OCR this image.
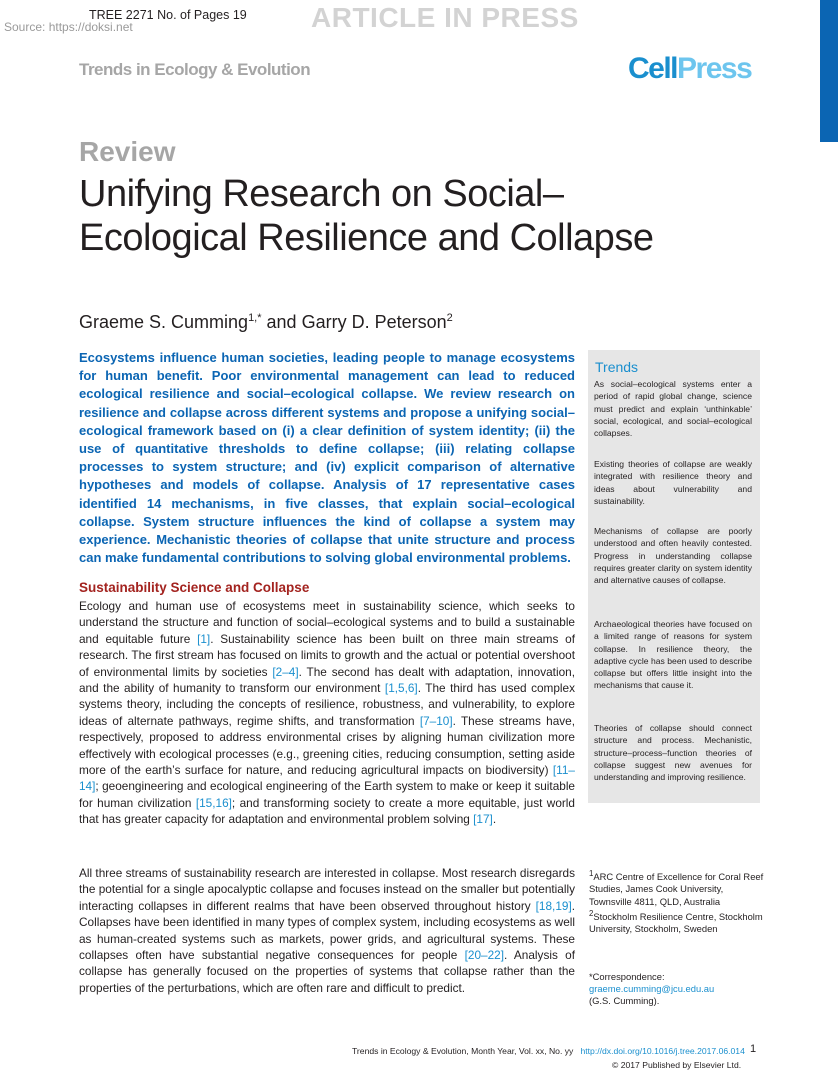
TREE 2271 No. of Pages 19
Source: https://doksi.net	ARTICLE IN PRESS
Trends in Ecology & Evolution	CellPress
Review
Unifying Research on Social–Ecological Resilience and Collapse
Graeme S. Cumming$^{1,*}$ and Garry D. Peterson$^2$

Ecosystems influence human societies, leading people to manage ecosystems for human benefit. Poor environmental management can lead to reduced ecological resilience and social–ecological collapse. We review research on resilience and collapse across different systems and propose a unifying social–ecological framework based on (i) a clear definition of system identity; (ii) the use of quantitative thresholds to define collapse; (iii) relating collapse processes to system structure; and (iv) explicit comparison of alternative hypotheses and models of collapse. Analysis of 17 representative cases identified 14 mechanisms, in five classes, that explain social–ecological collapse. System structure influences the kind of collapse a system may experience. Mechanistic theories of collapse that unite structure and process can make fundamental contributions to solving global environmental problems.

Sustainability Science and Collapse

Ecology and human use of ecosystems meet in sustainability science, which seeks to understand the structure and function of social–ecological systems and to build a sustainable and equitable future [1]. Sustainability science has been built on three main streams of research. The first stream has focused on limits to growth and the actual or potential overshoot of environmental limits by societies [2–4]. The second has dealt with adaptation, innovation, and the ability of humanity to transform our environment [1,5,6]. The third has used complex systems theory, including the concepts of resilience, robustness, and vulnerability, to explore ideas of alternate pathways, regime shifts, and transformation [7–10]. These streams have, respectively, proposed to address environmental crises by aligning human civilization more effectively with ecological processes (e.g., greening cities, reducing consumption, setting aside more of the earth’s surface for nature, and reducing agricultural impacts on biodiversity) [11–14]; geoengineering and ecological engineering of the Earth system to make or keep it suitable for human civilization [15,16]; and transforming society to create a more equitable, just world that has greater capacity for adaptation and environmental problem solving [17].

All three streams of sustainability research are interested in collapse. Most research disregards the potential for a single apocalyptic collapse and focuses instead on the smaller but potentially interacting collapses in different realms that have been observed throughout history [18,19]. Collapses have been identified in many types of complex system, including ecosystems as well as human-created systems such as markets, power grids, and agricultural systems. These collapses often have substantial negative consequences for people [20–22]. Analysis of collapse has generally focused on the properties of systems that collapse rather than the properties of the perturbations, which are often rare and difficult to predict.

Trends

As social–ecological systems enter a period of rapid global change, science must predict and explain ‘unthinkable’ social, ecological, and social–ecological collapses.

Existing theories of collapse are weakly integrated with resilience theory and ideas about vulnerability and sustainability.

Mechanisms of collapse are poorly understood and often heavily contested. Progress in understanding collapse requires greater clarity on system identity and alternative causes of collapse.

Archaeological theories have focused on a limited range of reasons for system collapse. In resilience theory, the adaptive cycle has been used to describe collapse but offers little insight into the mechanisms that cause it.

Theories of collapse should connect structure and process. Mechanistic, structure–process–function theories of collapse suggest new avenues for understanding and improving resilience.

$^1$ARC Centre of Excellence for Coral Reef Studies, James Cook University, Townsville 4811, QLD, Australia
$^2$Stockholm Resilience Centre, Stockholm University, Stockholm, Sweden
*Correspondence:
graeme.cumming@jcu.edu.au
(G.S. Cumming).
Trends in Ecology & Evolution, Month Year, Vol. xx, No. yy http://dx.doi.org/10.1016/j.tree.2017.06.014 1
© 2017 Published by Elsevier Ltd.
